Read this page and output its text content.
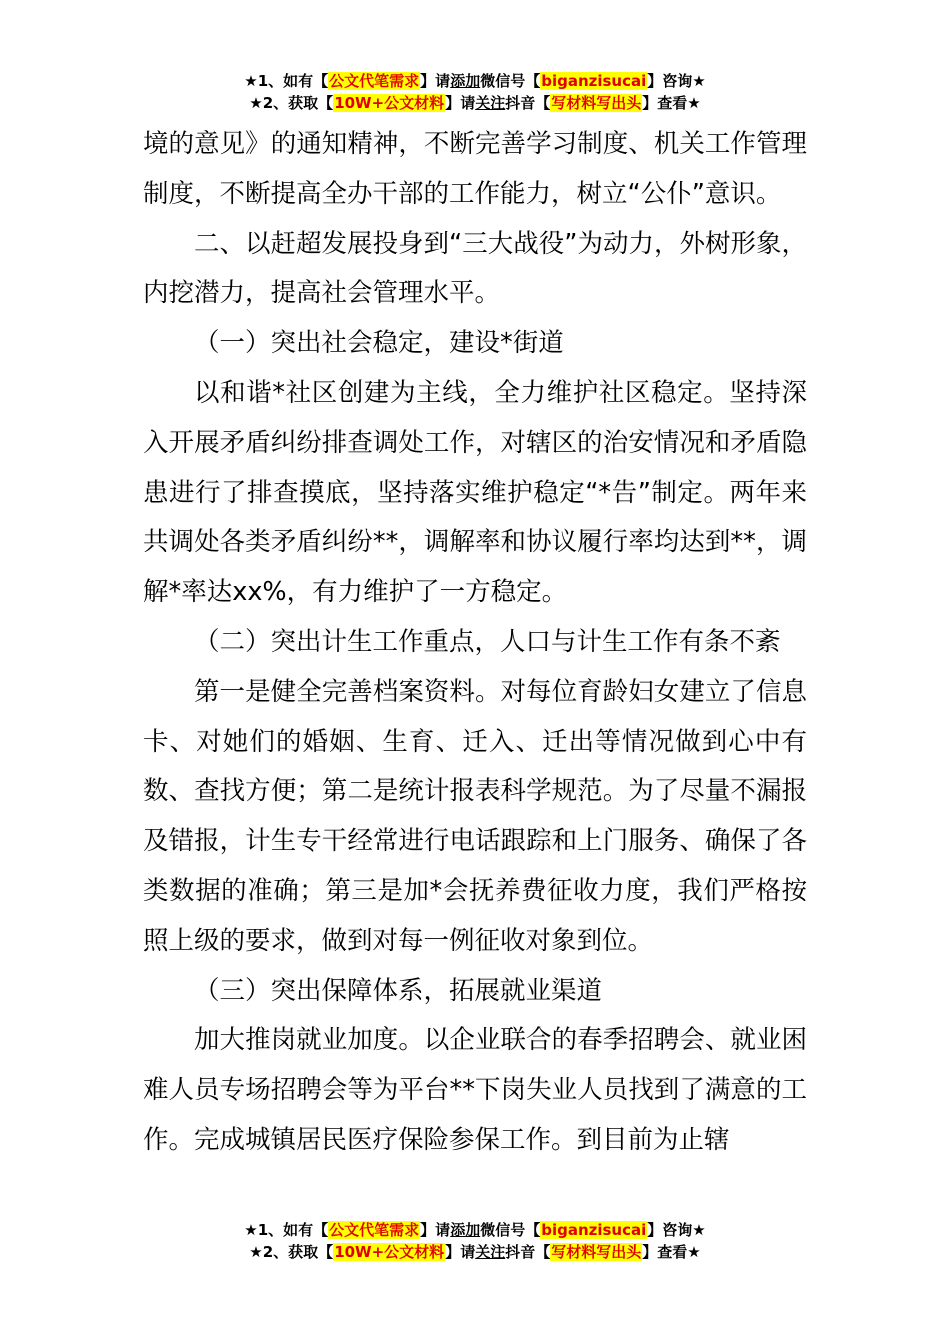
★1、如有【公文代笔需求】请添加微信号【biganzisucai】咨询★
★2、获取【10W+公文材料】请关注抖音【写材料写出头】查看★

境的意见》的通知精神，不断完善学习制度、机关工作管理制度，不断提高全办干部的工作能力，树立“公仆”意识。

二、以赶超发展投身到“三大战役”为动力，外树形象，内挖潜力，提高社会管理水平。

（一）突出社会稳定，建设*街道

以和谐*社区创建为主线，全力维护社区稳定。坚持深入开展矛盾纠纷排查调处工作，对辖区的治安情况和矛盾隐患进行了排查摸底，坚持落实维护稳定“*告”制定。两年来共调处各类矛盾纠纷**，调解率和协议履行率均达到**，调解*率达xx%，有力维护了一方稳定。

（二）突出计生工作重点，人口与计生工作有条不紊

第一是健全完善档案资料。对每位育龄妇女建立了信息卡、对她们的婚姻、生育、迁入、迁出等情况做到心中有数、查找方便；第二是统计报表科学规范。为了尽量不漏报及错报，计生专干经常进行电话跟踪和上门服务、确保了各类数据的准确；第三是加*会抚养费征收力度，我们严格按照上级的要求，做到对每一例征收对象到位。

（三）突出保障体系，拓展就业渠道

加大推岗就业加度。以企业联合的春季招聘会、就业困难人员专场招聘会等为平台**下岗失业人员找到了满意的工作。完成城镇居民医疗保险参保工作。到目前为止辖

★1、如有【公文代笔需求】请添加微信号【biganzisucai】咨询★
★2、获取【10W+公文材料】请关注抖音【写材料写出头】查看★
